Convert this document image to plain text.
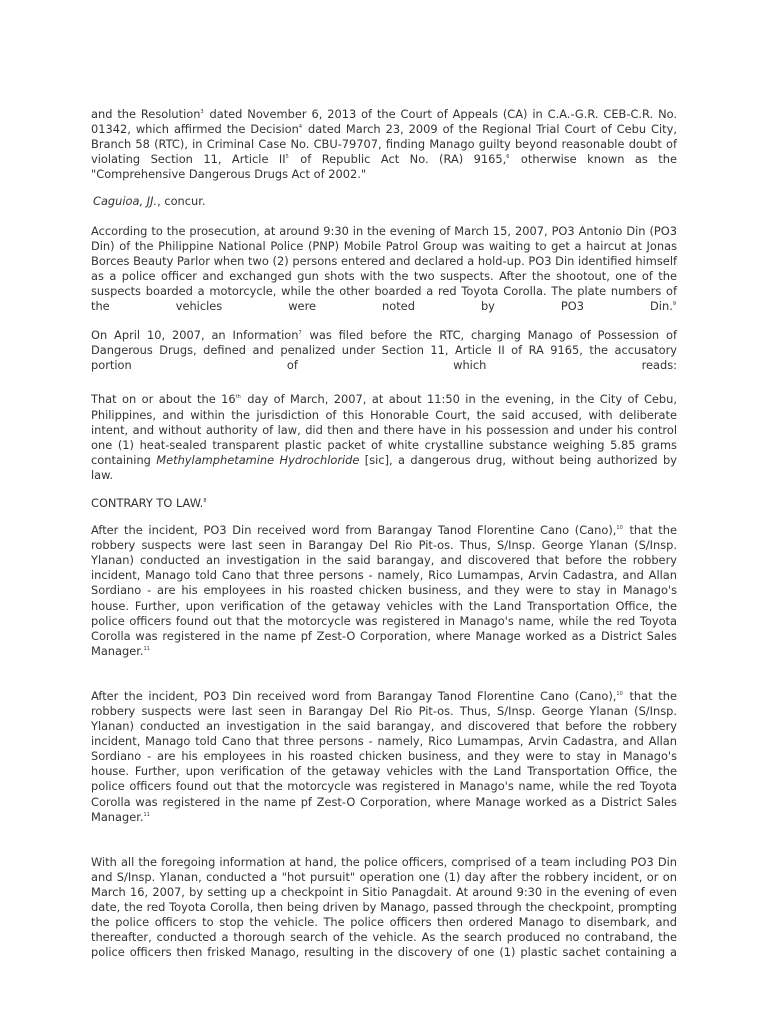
and the Resolution$^3$ dated November 6, 2013 of the Court of Appeals (CA) in C.A.-G.R. CEB-C.R. No. 01342, which affirmed the Decision$^4$ dated March 23, 2009 of the Regional Trial Court of Cebu City, Branch 58 (RTC), in Criminal Case No. CBU-79707, finding Manago guilty beyond reasonable doubt of violating Section 11, Article $II^5$ of Republic Act No. (RA) 9165,$^6$ otherwise known as the "Comprehensive Dangerous Drugs Act of 2002."

Caguioa, JJ., concur.

According to the prosecution, at around 9:30 in the evening of March 15, 2007, PO3 Antonio Din (PO3 Din) of the Philippine National Police (PNP) Mobile Patrol Group was waiting to get a haircut at Jonas Borces Beauty Parlor when two (2) persons entered and declared a hold-up. PO3 Din identified himself as a police officer and exchanged gun shots with the two suspects. After the shootout, one of the suspects boarded a motorcycle, while the other boarded a red Toyota Corolla. The plate numbers of the vehicles were noted by PO3 Din.$^9$

On April 10, 2007, an Information$^7$ was filed before the RTC, charging Manago of Possession of Dangerous Drugs, defined and penalized under Section 11, Article II of RA 9165, the accusatory portion of which reads:

That on or about the 16th day of March, 2007, at about 11:50 in the evening, in the City of Cebu, Philippines, and within the jurisdiction of this Honorable Court, the said accused, with deliberate intent, and without authority of law, did then and there have in his possession and under his control one (1) heat-sealed transparent plastic packet of white crystalline substance weighing 5.85 grams containing Methylamphetamine Hydrochloride [sic], a dangerous drug, without being authorized by law.

CONTRARY TO LAW.$^8$

After the incident, PO3 Din received word from Barangay Tanod Florentine Cano (Cano),$^{10}$ that the robbery suspects were last seen in Barangay Del Rio Pit-os. Thus, S/Insp. George Ylanan (S/Insp. Ylanan) conducted an investigation in the said barangay, and discovered that before the robbery incident, Manago told Cano that three persons - namely, Rico Lumampas, Arvin Cadastra, and Allan Sordiano - are his employees in his roasted chicken business, and they were to stay in Manago's house. Further, upon verification of the getaway vehicles with the Land Transportation Office, the police officers found out that the motorcycle was registered in Manago's name, while the red Toyota Corolla was registered in the name pf Zest-O Corporation, where Manage worked as a District Sales Manager.$^{11}$

After the incident, PO3 Din received word from Barangay Tanod Florentine Cano (Cano),$^{10}$ that the robbery suspects were last seen in Barangay Del Rio Pit-os. Thus, S/Insp. George Ylanan (S/Insp. Ylanan) conducted an investigation in the said barangay, and discovered that before the robbery incident, Manago told Cano that three persons - namely, Rico Lumampas, Arvin Cadastra, and Allan Sordiano - are his employees in his roasted chicken business, and they were to stay in Manago's house. Further, upon verification of the getaway vehicles with the Land Transportation Office, the police officers found out that the motorcycle was registered in Manago's name, while the red Toyota Corolla was registered in the name pf Zest-O Corporation, where Manage worked as a District Sales Manager.$^{11}$

With all the foregoing information at hand, the police officers, comprised of a team including PO3 Din and S/Insp. Ylanan, conducted a "hot pursuit" operation one (1) day after the robbery incident, or on March 16, 2007, by setting up a checkpoint in Sitio Panagdait. At around 9:30 in the evening of even date, the red Toyota Corolla, then being driven by Manago, passed through the checkpoint, prompting the police officers to stop the vehicle. The police officers then ordered Manago to disembark, and thereafter, conducted a thorough search of the vehicle. As the search produced no contraband, the police officers then frisked Manago, resulting in the discovery of one (1) plastic sachet containing a
